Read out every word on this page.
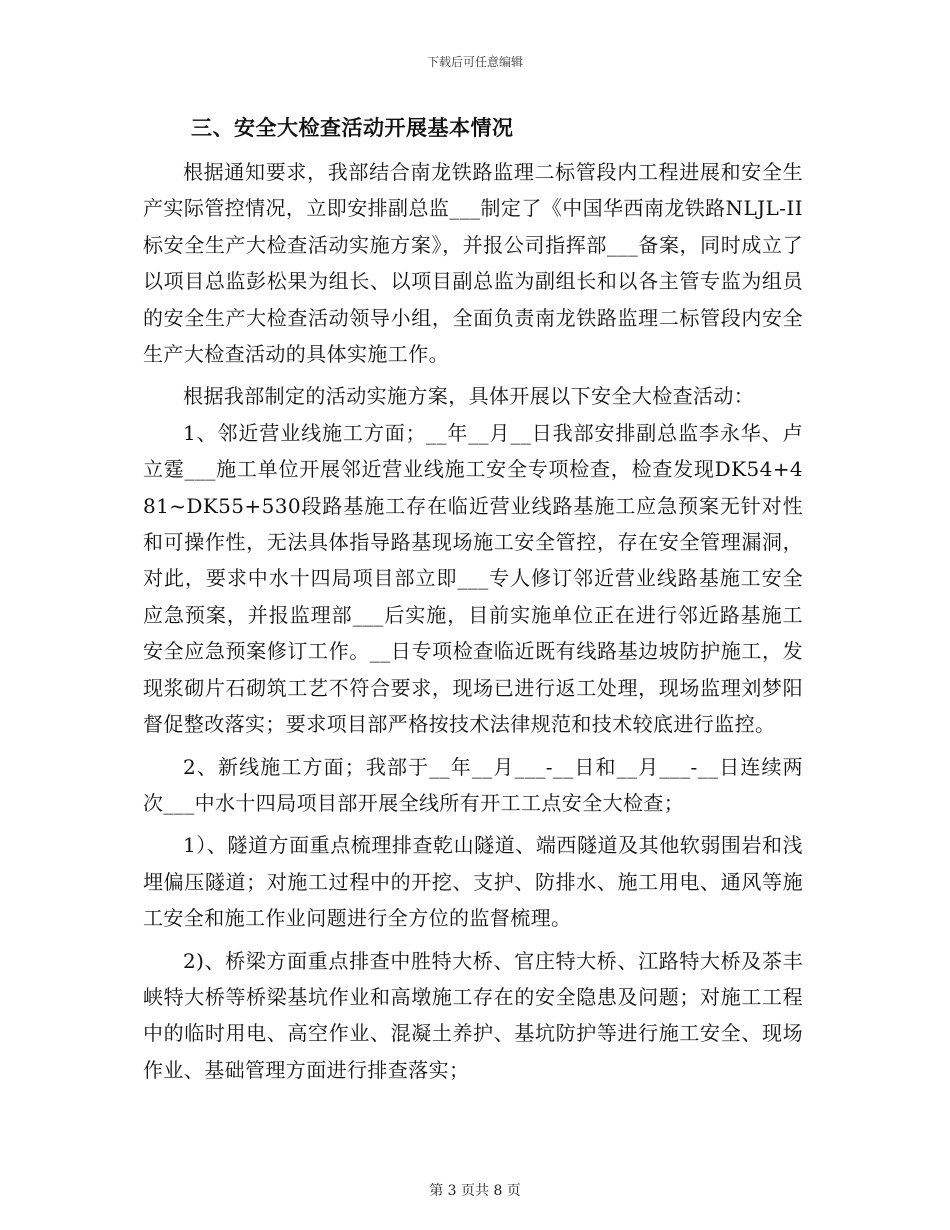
下载后可任意编辑
三、安全大检查活动开展基本情况

根据通知要求，我部结合南龙铁路监理二标管段内工程进展和安全生产实际管控情况，立即安排副总监___制定了《中国华西南龙铁路NLJL-II标安全生产大检查活动实施方案》，并报公司指挥部___备案，同时成立了以项目总监彭松果为组长、以项目副总监为副组长和以各主管专监为组员的安全生产大检查活动领导小组，全面负责南龙铁路监理二标管段内安全生产大检查活动的具体实施工作。

根据我部制定的活动实施方案，具体开展以下安全大检查活动：

1、邻近营业线施工方面；__年__月__日我部安排副总监李永华、卢立霆___施工单位开展邻近营业线施工安全专项检查，检查发现DK54+481~DK55+530段路基施工存在临近营业线路基施工应急预案无针对性和可操作性，无法具体指导路基现场施工安全管控，存在安全管理漏洞，对此，要求中水十四局项目部立即___专人修订邻近营业线路基施工安全应急预案，并报监理部___后实施，目前实施单位正在进行邻近路基施工安全应急预案修订工作。__日专项检查临近既有线路基边坡防护施工，发现浆砌片石砌筑工艺不符合要求，现场已进行返工处理，现场监理刘梦阳督促整改落实；要求项目部严格按技术法律规范和技术较底进行监控。

2、新线施工方面；我部于__年__月___-__日和__月___-__日连续两次___中水十四局项目部开展全线所有开工工点安全大检查；

1）、隧道方面重点梳理排查乾山隧道、端西隧道及其他软弱围岩和浅埋偏压隧道；对施工过程中的开挖、支护、防排水、施工用电、通风等施工安全和施工作业问题进行全方位的监督梳理。

2)、桥梁方面重点排查中胜特大桥、官庄特大桥、江路特大桥及茶丰峡特大桥等桥梁基坑作业和高墩施工存在的安全隐患及问题；对施工工程中的临时用电、高空作业、混凝土养护、基坑防护等进行施工安全、现场作业、基础管理方面进行排查落实；

第 3 页共 8 页
